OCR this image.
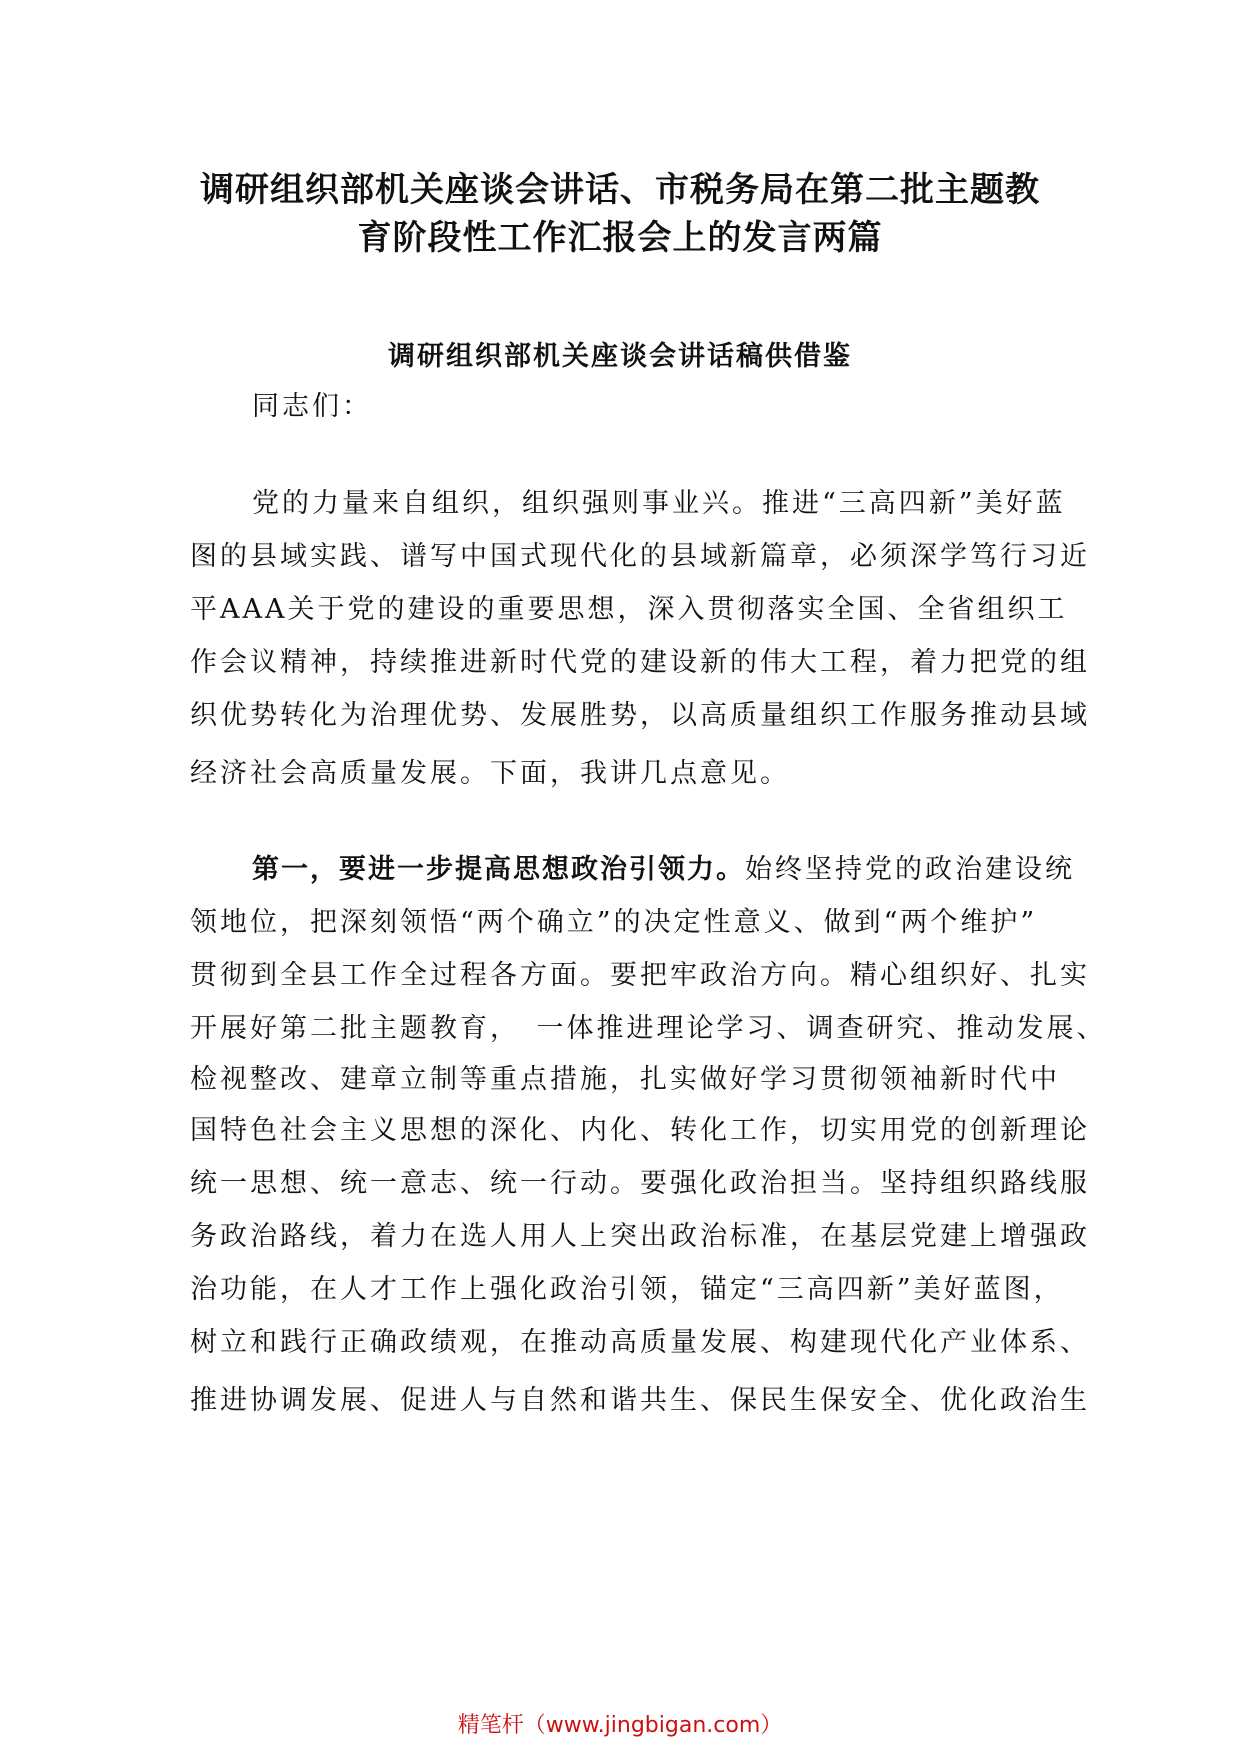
调研组织部机关座谈会讲话、市税务局在第二批主题教
育阶段性工作汇报会上的发言两篇
调研组织部机关座谈会讲话稿供借鉴
同志们：
党的力量来自组织，组织强则事业兴。推进“三高四新”美好蓝
图的县域实践、谱写中国式现代化的县域新篇章，必须深学笃行习近
平AAA关于党的建设的重要思想，深入贯彻落实全国、全省组织工
作会议精神，持续推进新时代党的建设新的伟大工程，着力把党的组
织优势转化为治理优势、发展胜势，以高质量组织工作服务推动县域
经济社会高质量发展。下面，我讲几点意见。
第一，要进一步提高思想政治引领力。始终坚持党的政治建设统
领地位，把深刻领悟“两个确立”的决定性意义、做到“两个维护”
贯彻到全县工作全过程各方面。要把牢政治方向。精心组织好、扎实
开展好第二批主题教育，　一体推进理论学习、调查研究、推动发展、
检视整改、建章立制等重点措施，扎实做好学习贯彻领袖新时代中
国特色社会主义思想的深化、内化、转化工作，切实用党的创新理论
统一思想、统一意志、统一行动。要强化政治担当。坚持组织路线服
务政治路线，着力在选人用人上突出政治标准，在基层党建上增强政
治功能，在人才工作上强化政治引领，锚定“三高四新”美好蓝图，
树立和践行正确政绩观，在推动高质量发展、构建现代化产业体系、
推进协调发展、促进人与自然和谐共生、保民生保安全、优化政治生
精笔杆（www.jingbigan.com）
